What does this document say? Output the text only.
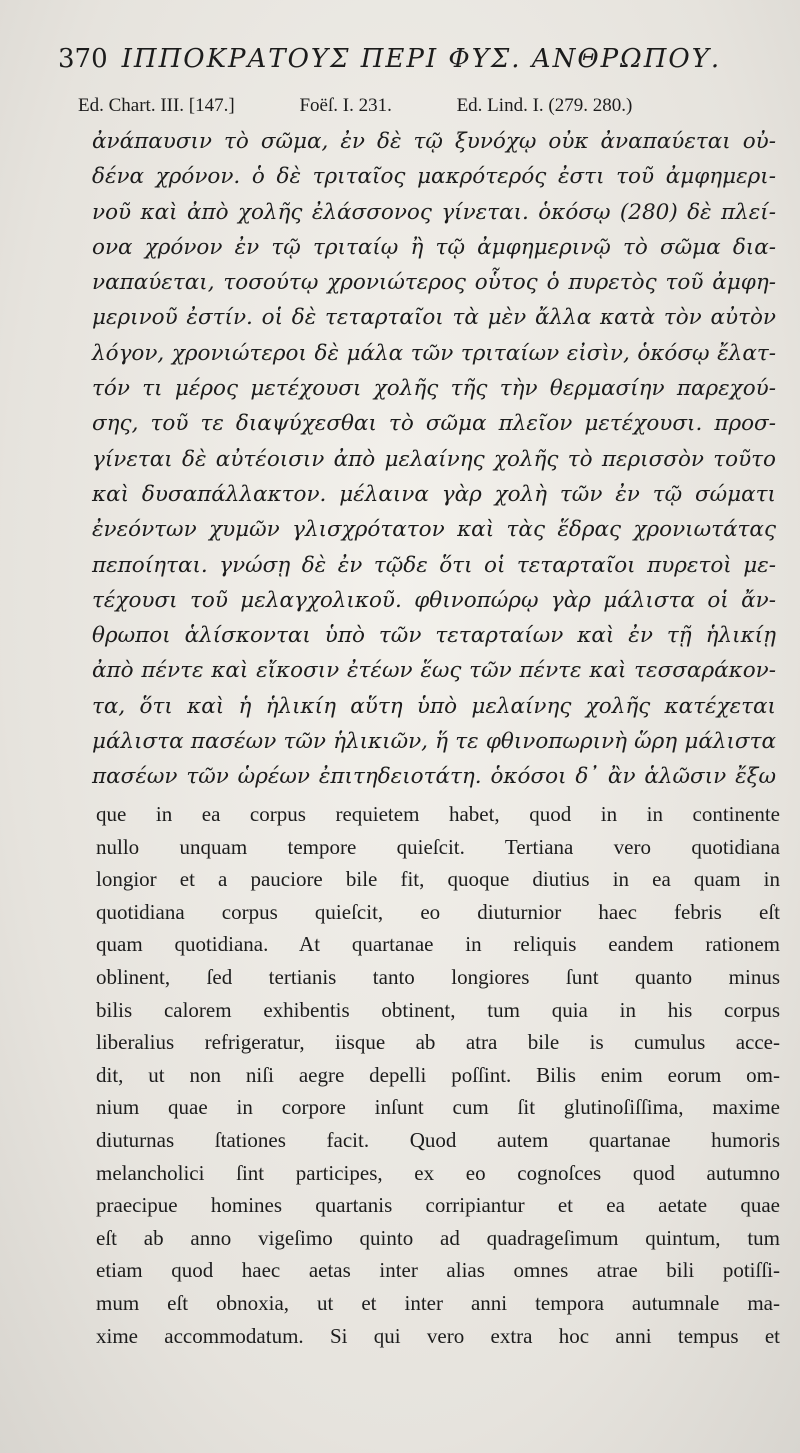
370 ΙΠΠΟΚΡΑΤΟΥΣ ΠΕΡΙ ΦΥΣ. ΑΝΘΡΩΠΟΥ.
Ed. Chart. III. [147.]	Foëſ. I. 231.	Ed. Lind. I. (279. 280.)
ἀνάπαυσιν τὸ σῶμα, ἐν δὲ τῷ ξυνόχῳ οὐκ ἀναπαύεται οὐ-
δένα χρόνον. ὁ δὲ τριταῖος μακρότερός ἐστι τοῦ ἀμφημερι-
νοῦ καὶ ἀπὸ χολῆς ἐλάσσονος γίνεται. ὁκόσῳ (280) δὲ πλεί-
ονα χρόνον ἐν τῷ τριταίῳ ἢ τῷ ἀμφημερινῷ τὸ σῶμα δια-
ναπαύεται, τοσούτῳ χρονιώτερος οὗτος ὁ πυρετὸς τοῦ ἀμφη-
μερινοῦ ἐστίν. οἱ δὲ τεταρταῖοι τὰ μὲν ἄλλα κατὰ τὸν αὐτὸν
λόγον, χρονιώτεροι δὲ μάλα τῶν τριταίων εἰσὶν, ὁκόσῳ ἔλατ-
τόν τι μέρος μετέχουσι χολῆς τῆς τὴν θερμασίην παρεχού-
σης, τοῦ τε διαψύχεσθαι τὸ σῶμα πλεῖον μετέχουσι. προσ-
γίνεται δὲ αὐτέοισιν ἀπὸ μελαίνης χολῆς τὸ περισσὸν τοῦτο
καὶ δυσαπάλλακτον. μέλαινα γὰρ χολὴ τῶν ἐν τῷ σώματι
ἐνεόντων χυμῶν γλισχρότατον καὶ τὰς ἕδρας χρονιωτάτας
πεποίηται. γνώσῃ δὲ ἐν τῷδε ὅτι οἱ τεταρταῖοι πυρετοὶ με-
τέχουσι τοῦ μελαγχολικοῦ. φθινοπώρῳ γὰρ μάλιστα οἱ ἄν-
θρωποι ἁλίσκονται ὑπὸ τῶν τεταρταίων καὶ ἐν τῇ ἡλικίῃ
ἀπὸ πέντε καὶ εἴκοσιν ἐτέων ἕως τῶν πέντε καὶ τεσσαράκον-
τα, ὅτι καὶ ἡ ἡλικίη αὕτη ὑπὸ μελαίνης χολῆς κατέχεται
μάλιστα πασέων τῶν ἡλικιῶν, ἥ τε φθινοπωρινὴ ὥρη μάλιστα
πασέων τῶν ὡρέων ἐπιτηδειοτάτη. ὁκόσοι δ᾽ ἂν ἁλῶσιν ἔξω
que in ea corpus requietem habet, quod in in continente
nullo unquam tempore quieſcit. Tertiana vero quotidiana
longior et a pauciore bile fit, quoque diutius in ea quam in
quotidiana corpus quieſcit, eo diuturnior haec febris eſt
quam quotidiana. At quartanae in reliquis eandem rationem
oblinent, ſed tertianis tanto longiores ſunt quanto minus
bilis calorem exhibentis obtinent, tum quia in his corpus
liberalius refrigeratur, iisque ab atra bile is cumulus acce-
dit, ut non niſi aegre depelli poſſint. Bilis enim eorum om-
nium quae in corpore inſunt cum ſit glutinoſiſſima, maxime
diuturnas ſtationes facit. Quod autem quartanae humoris
melancholici ſint participes, ex eo cognoſces quod autumno
praecipue homines quartanis corripiantur et ea aetate quae
eſt ab anno vigeſimo quinto ad quadrageſimum quintum, tum
etiam quod haec aetas inter alias omnes atrae bili potiſſi-
mum eſt obnoxia, ut et inter anni tempora autumnale ma-
xime accommodatum. Si qui vero extra hoc anni tempus et
